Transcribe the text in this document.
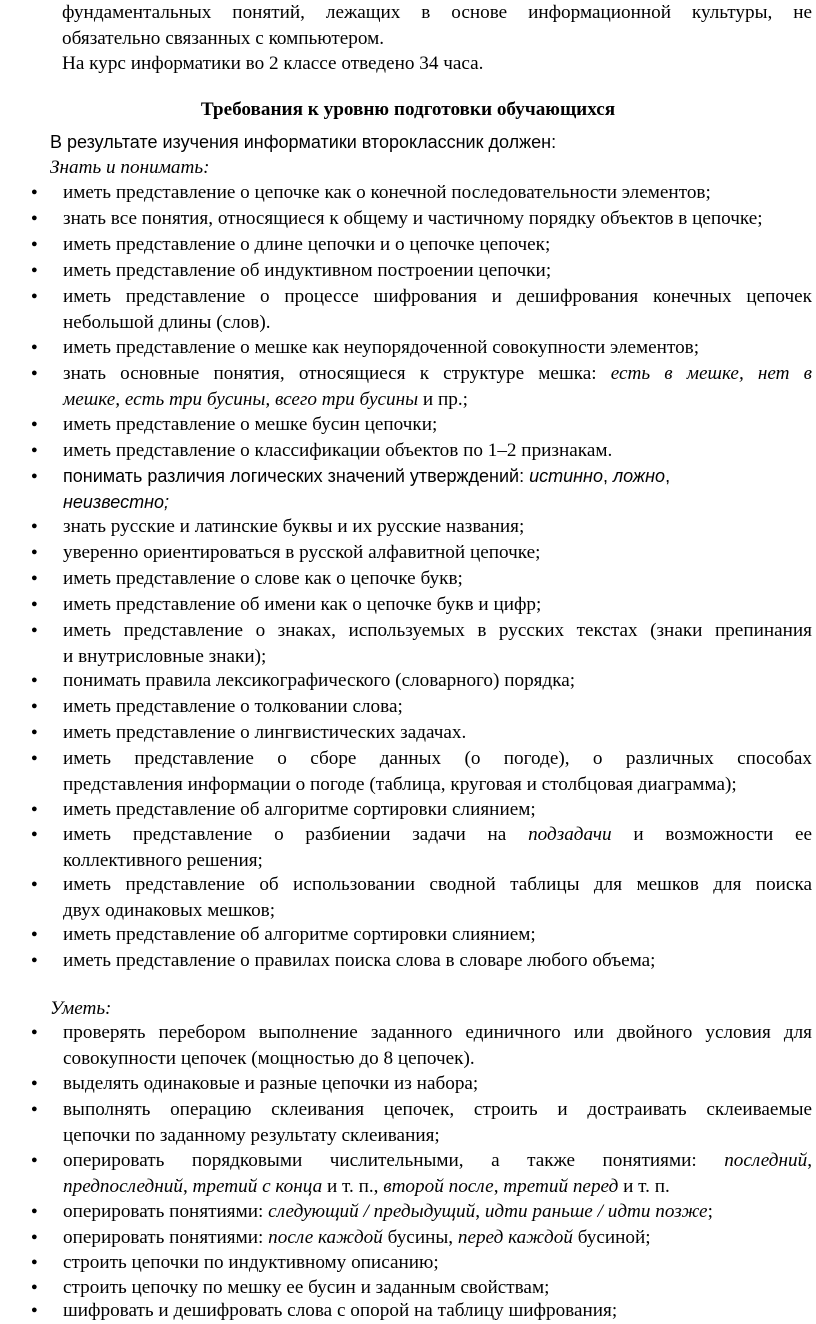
фундаментальных понятий, лежащих в основе информационной культуры, не
обязательно связанных с компьютером.
На курс информатики во 2 классе отведено 34 часа.
Требования к уровню подготовки обучающихся
В результате изучения информатики второклассник должен:
Знать и понимать:
● иметь представление о цепочке как о конечной последовательности элементов;
● знать все понятия, относящиеся к общему и частичному порядку объектов в цепочке;
● иметь представление о длине цепочки и о цепочке цепочек;
● иметь представление об индуктивном построении цепочки;
● иметь представление о процессе шифрования и дешифрования конечных цепочек
небольшой длины (слов).
● иметь представление о мешке как неупорядоченной совокупности элементов;
● знать основные понятия, относящиеся к структуре мешка: есть в мешке, нет в
мешке, есть три бусины, всего три бусины и пр.;
● иметь представление о мешке бусин цепочки;
● иметь представление о классификации объектов по 1–2 признакам.
● понимать различия логических значений утверждений: истинно, ложно,
неизвестно;
● знать русские и латинские буквы и их русские названия;
● уверенно ориентироваться в русской алфавитной цепочке;
● иметь представление о слове как о цепочке букв;
● иметь представление об имени как о цепочке букв и цифр;
● иметь представление о знаках, используемых в русских текстах (знаки препинания
и внутрисловные знаки);
● понимать правила лексикографического (словарного) порядка;
● иметь представление о толковании слова;
● иметь представление о лингвистических задачах.
● иметь представление о сборе данных (о погоде), о различных способах
представления информации о погоде (таблица, круговая и столбцовая диаграмма);
● иметь представление об алгоритме сортировки слиянием;
● иметь представление о разбиении задачи на подзадачи и возможности ее
коллективного решения;
● иметь представление об использовании сводной таблицы для мешков для поиска
двух одинаковых мешков;
● иметь представление об алгоритме сортировки слиянием;
● иметь представление о правилах поиска слова в словаре любого объема;
Уметь:
● проверять перебором выполнение заданного единичного или двойного условия для
совокупности цепочек (мощностью до 8 цепочек).
● выделять одинаковые и разные цепочки из набора;
● выполнять операцию склеивания цепочек, строить и достраивать склеиваемые
цепочки по заданному результату склеивания;
● оперировать порядковыми числительными, а также понятиями: последний,
предпоследний, третий с конца и т. п., второй после, третий перед и т. п.
● оперировать понятиями: следующий / предыдущий, идти раньше / идти позже;
● оперировать понятиями: после каждой бусины, перед каждой бусиной;
● строить цепочки по индуктивному описанию;
● строить цепочку по мешку ее бусин и заданным свойствам;
● шифровать и дешифровать слова с опорой на таблицу шифрования;
